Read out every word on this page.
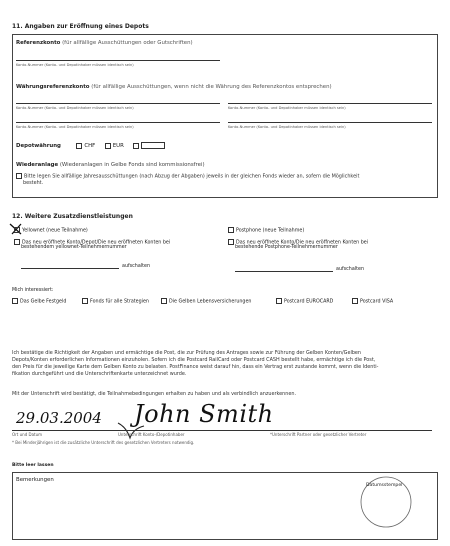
11. Angaben zur Eröffnung eines Depots
Referenzkonto (für allfällige Ausschüttungen oder Gutschriften)
Konto-Nummer (Konto- und Depotinhaber müssen identisch sein)
Währungsreferenzkonto (für allfällige Ausschüttungen, wenn nicht die Währung des Referenzkontos entsprechen)
Konto-Nummer (Konto- und Depotinhaber müssen identisch sein)	Konto-Nummer (Konto- und Depotinhaber müssen identisch sein)
Konto-Nummer (Konto- und Depotinhaber müssen identisch sein)	Konto-Nummer (Konto- und Depotinhaber müssen identisch sein)
Depotwährung	CHF	EUR
Wiederanlage (Wiederanlagen in Gelbe Fonds sind kommissionsfrei)
Bitte legen Sie allfällige Jahresausschüttungen (nach Abzug der Abgaben) jeweils in der gleichen Fonds wieder an, sofern die Möglichkeit
besteht.
12. Weitere Zusatzdienstleistungen
Yellownet (neue Teilnahme)	Postphone (neue Teilnahme)
Das neu eröffnete Konto/Depot/Die neu eröffneten Konten bei
bestehendem yellownet-Teilnehmernummer
Das neu eröffnete Konto/Die neu eröffneten Konten bei
bestehende Postphone-Teilnehmernummer
aufschalten
aufschalten
Mich interessiert:
Das Gelbe Festgeld	Fonds für alle Strategien	Die Gelben Lebensversicherungen	Postcard EUROCARD	Postcard VISA
Ich bestätige die Richtigkeit der Angaben und ermächtige die Post, die zur Prüfung des Antrages sowie zur Führung der Gelben Konten/Gelben
Depots/Konten erforderlichen Informationen einzuholen. Sofern ich die Postcard RailCard oder Postcard CASH bestellt habe, ermächtige ich die Post,
den Preis für die jeweilige Karte dem Gelben Konto zu belasten. PostFinance weist darauf hin, dass ein Vertrag erst zustande kommt, wenn die Identi-
fikation durchgeführt und die Unterschriftenkarte unterzeichnet wurde.
Mit der Unterschrift wird bestätigt, die Teilnahmebedingungen erhalten zu haben und als verbindlich anzuerkennen.
29.03.2004 John Smith
Ort und Datum	Unterschrift Konto-/Depotinhaber	*Unterschrift Partner oder gesetzlicher Vertreter
* Bei Minderjährigen ist die zusätzliche Unterschrift des gesetzlichen Vertreters notwendig.
Bitte leer lassen
Bemerkungen
Datumsstempel
